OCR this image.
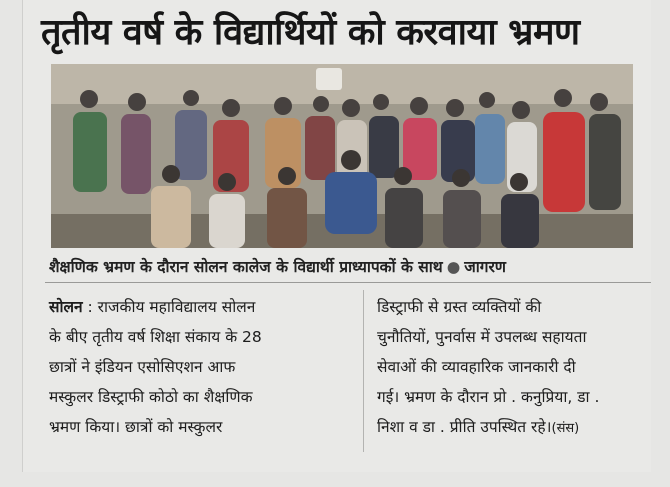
तृतीय वर्ष के विद्यार्थियों को करवाया भ्रमण
शैक्षणिक भ्रमण के दौरान सोलन कालेज के विद्यार्थी प्राध्यापकों के साथ ● जागरण
सोलन : राजकीय महाविद्यालय सोलन
के बीए तृतीय वर्ष शिक्षा संकाय के 28
छात्रों ने इंडियन एसोसिएशन आफ
मस्कुलर डिस्ट्राफी कोठो का शैक्षणिक
भ्रमण किया। छात्रों को मस्कुलर
डिस्ट्राफी से ग्रस्त व्यक्तियों की
चुनौतियों, पुनर्वास में उपलब्ध सहायता
सेवाओं की व्यावहारिक जानकारी दी
गई। भ्रमण के दौरान प्रो . कनुप्रिया, डा .
निशा व डा . प्रीति उपस्थित रहे।(संस)
